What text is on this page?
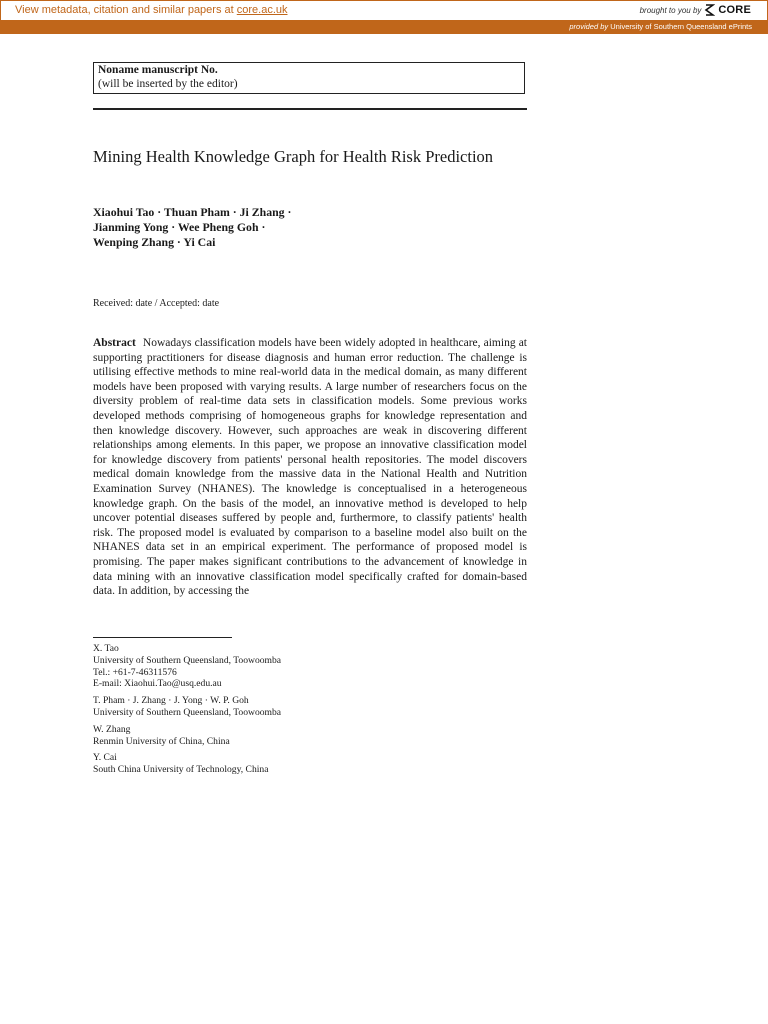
View metadata, citation and similar papers at core.ac.uk	brought to you by CORE
provided by University of Southern Queensland ePrints
Noname manuscript No.
(will be inserted by the editor)
Mining Health Knowledge Graph for Health Risk Prediction
Xiaohui Tao · Thuan Pham · Ji Zhang ·
Jianming Yong · Wee Pheng Goh ·
Wenping Zhang · Yi Cai
Received: date / Accepted: date
Abstract Nowadays classification models have been widely adopted in healthcare, aiming at supporting practitioners for disease diagnosis and human error reduction. The challenge is utilising effective methods to mine real-world data in the medical domain, as many different models have been proposed with varying results. A large number of researchers focus on the diversity problem of real-time data sets in classification models. Some previous works developed methods comprising of homogeneous graphs for knowledge representation and then knowledge discovery. However, such approaches are weak in discovering different relationships among elements. In this paper, we propose an innovative classification model for knowledge discovery from patients' personal health repositories. The model discovers medical domain knowledge from the massive data in the National Health and Nutrition Examination Survey (NHANES). The knowledge is conceptualised in a heterogeneous knowledge graph. On the basis of the model, an innovative method is developed to help uncover potential diseases suffered by people and, furthermore, to classify patients' health risk. The proposed model is evaluated by comparison to a baseline model also built on the NHANES data set in an empirical experiment. The performance of proposed model is promising. The paper makes significant contributions to the advancement of knowledge in data mining with an innovative classification model specifically crafted for domain-based data. In addition, by accessing the
X. Tao
University of Southern Queensland, Toowoomba
Tel.: +61-7-46311576
E-mail: Xiaohui.Tao@usq.edu.au
T. Pham · J. Zhang · J. Yong · W. P. Goh
University of Southern Queensland, Toowoomba
W. Zhang
Renmin University of China, China
Y. Cai
South China University of Technology, China
